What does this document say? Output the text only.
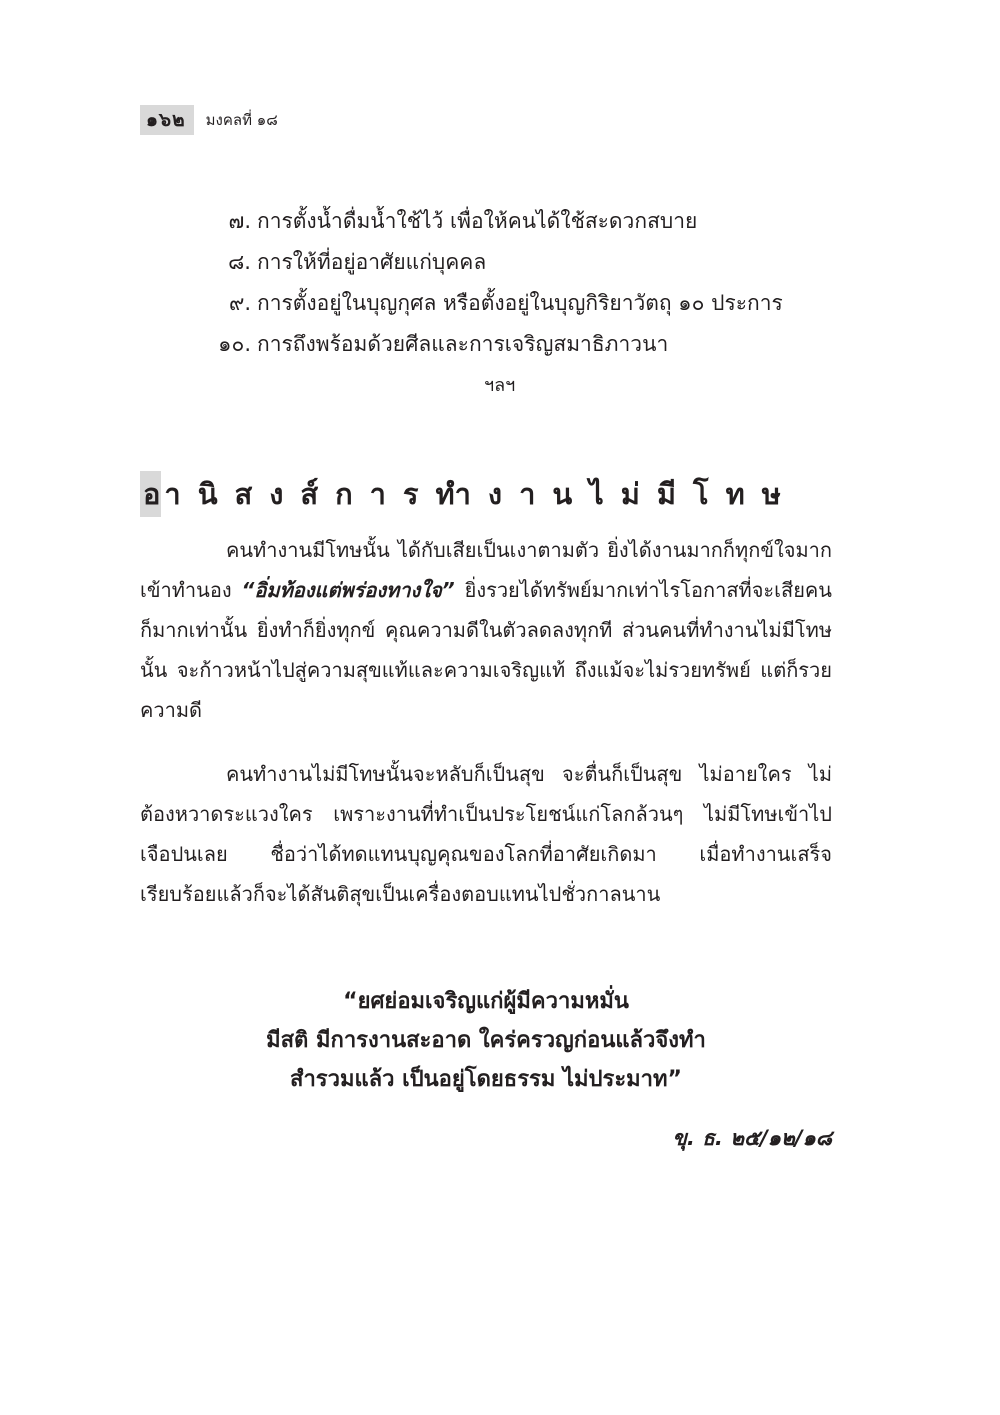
๑๖๒	มงคลที่ ๑๘
๗. การตั้งน้ำดื่มน้ำใช้ไว้ เพื่อให้คนได้ใช้สะดวกสบาย
๘. การให้ที่อยู่อาศัยแก่บุคคล
๙. การตั้งอยู่ในบุญกุศล หรือตั้งอยู่ในบุญกิริยาวัตถุ ๑๐ ประการ
๑๐. การถึงพร้อมด้วยศีลและการเจริญสมาธิภาวนา
ฯลฯ
อ านิสงส์การทำงานไม่มีโทษ

คนทำงานมีโทษนั้น ได้กับเสียเป็นเงาตามตัว ยิ่งได้งานมากก็ทุกข์ใจมาก เข้าทำนอง “อิ่มท้องแต่พร่องทางใจ” ยิ่งรวยได้ทรัพย์มากเท่าไรโอกาสที่จะเสียคนก็มากเท่านั้น ยิ่งทำก็ยิ่งทุกข์ คุณความดีในตัวลดลงทุกที ส่วนคนที่ทำงานไม่มีโทษนั้น จะก้าวหน้าไปสู่ความสุขแท้และความเจริญแท้ ถึงแม้จะไม่รวยทรัพย์ แต่ก็รวยความดี

คนทำงานไม่มีโทษนั้นจะหลับก็เป็นสุข จะตื่นก็เป็นสุข ไม่อายใคร ไม่ต้องหวาดระแวงใคร เพราะงานที่ทำเป็นประโยชน์แก่โลกล้วนๆ ไม่มีโทษเข้าไปเจือปนเลย ชื่อว่าได้ทดแทนบุญคุณของโลกที่อาศัยเกิดมา เมื่อทำงานเสร็จเรียบร้อยแล้วก็จะได้สันติสุขเป็นเครื่องตอบแทนไปชั่วกาลนาน

“ยศย่อมเจริญแก่ผู้มีความหมั่น
มีสติ มีการงานสะอาด ใคร่ครวญก่อนแล้วจึงทำ
สำรวมแล้ว เป็นอยู่โดยธรรม ไม่ประมาท”
ขุ. ธ. ๒๕/๑๒/๑๘
